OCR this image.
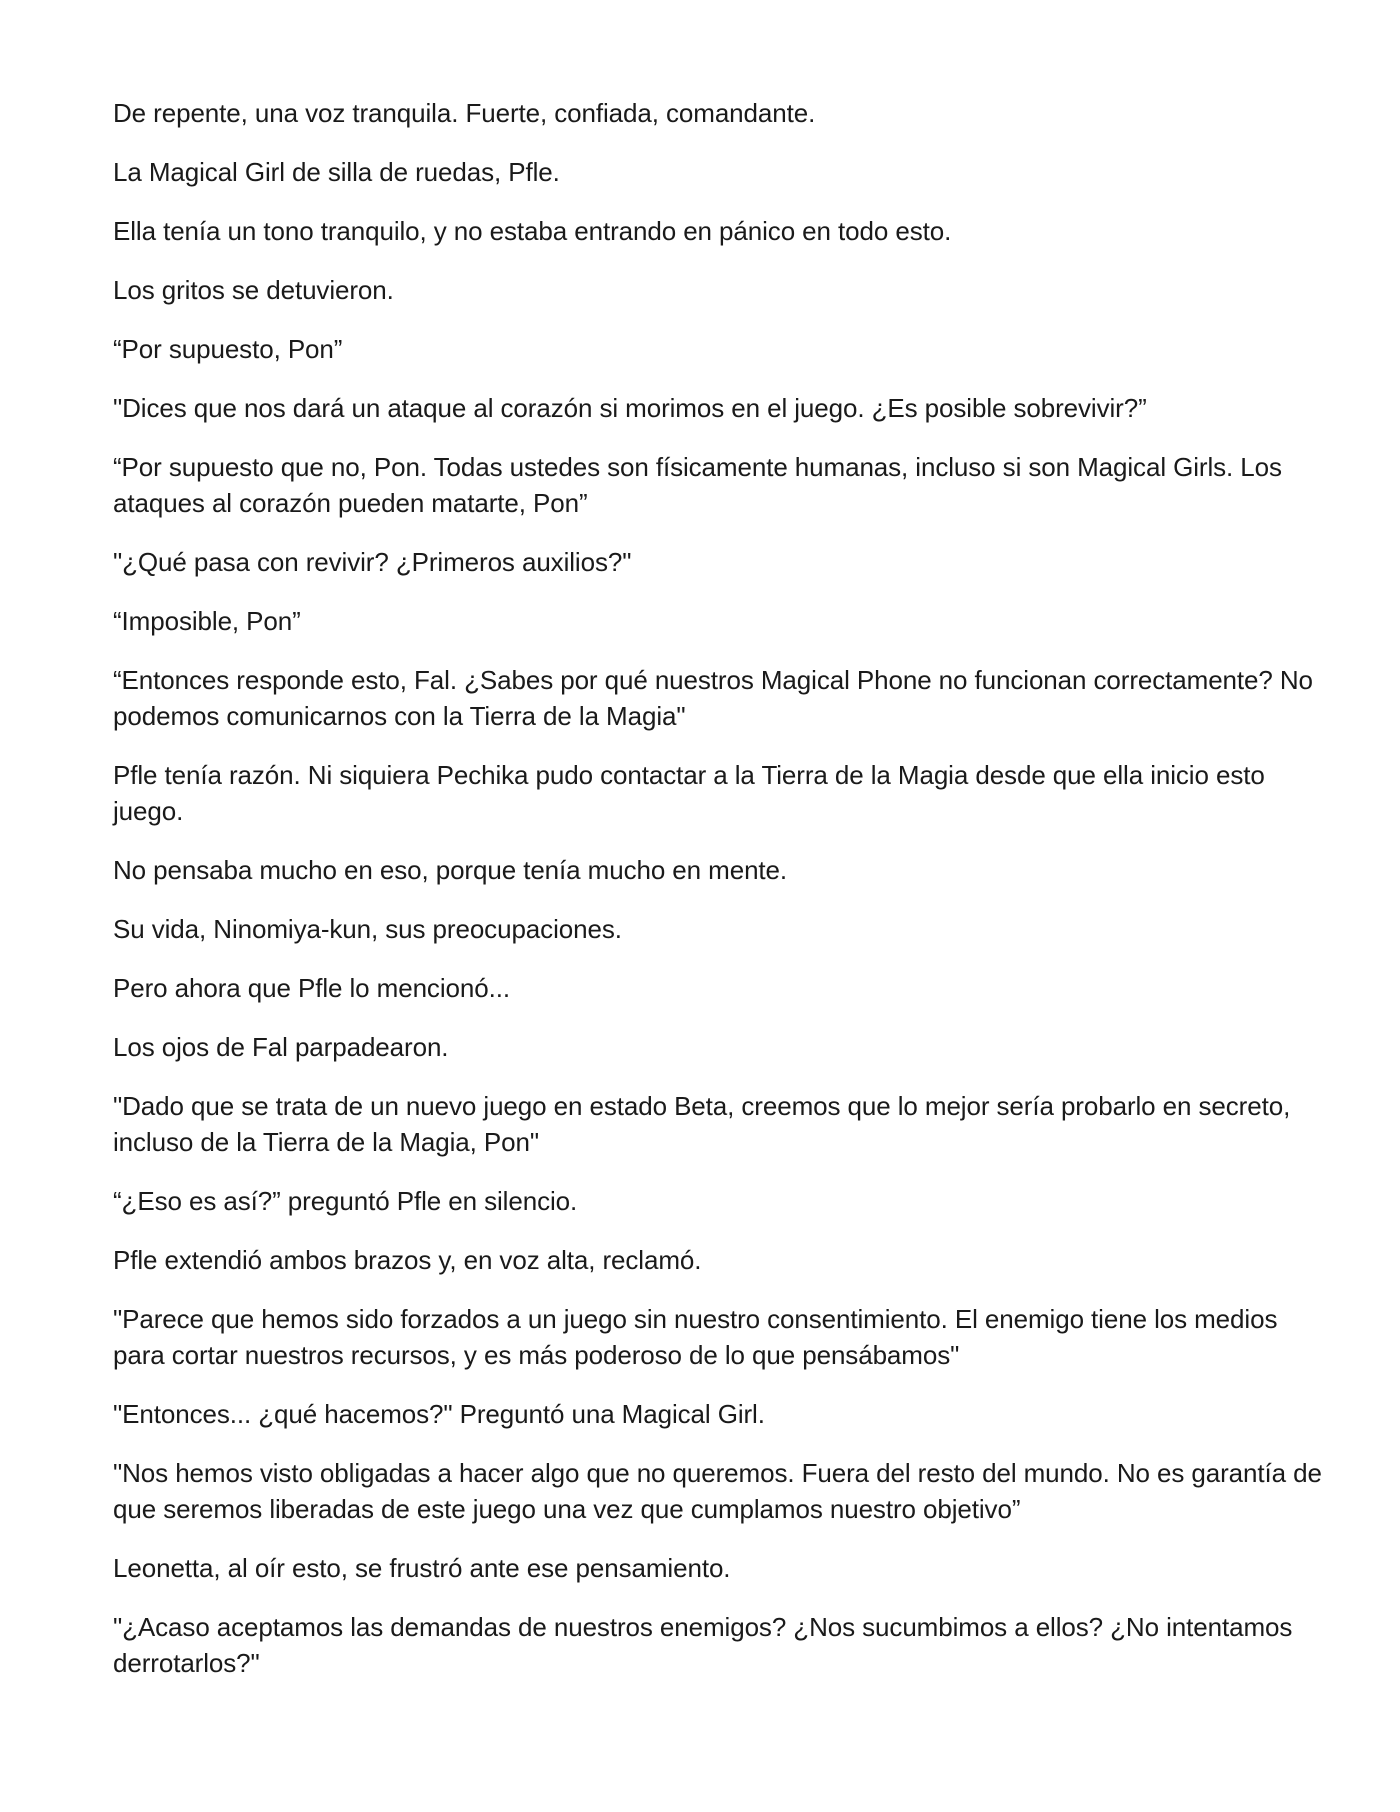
De repente, una voz tranquila. Fuerte, confiada, comandante.

La Magical Girl de silla de ruedas, Pfle.

Ella tenía un tono tranquilo, y no estaba entrando en pánico en todo esto.

Los gritos se detuvieron.

“Por supuesto, Pon”

"Dices que nos dará un ataque al corazón si morimos en el juego. ¿Es posible sobrevivir?”

“Por supuesto que no, Pon. Todas ustedes son físicamente humanas, incluso si son Magical Girls. Los ataques al corazón pueden matarte, Pon”

"¿Qué pasa con revivir? ¿Primeros auxilios?"

“Imposible, Pon”

“Entonces responde esto, Fal. ¿Sabes por qué nuestros Magical Phone no funcionan correctamente? No podemos comunicarnos con la Tierra de la Magia"

Pfle tenía razón. Ni siquiera Pechika pudo contactar a la Tierra de la Magia desde que ella inicio esto juego.

No pensaba mucho en eso, porque tenía mucho en mente.

Su vida, Ninomiya-kun, sus preocupaciones.

Pero ahora que Pfle lo mencionó...

Los ojos de Fal parpadearon.

"Dado que se trata de un nuevo juego en estado Beta, creemos que lo mejor sería probarlo en secreto, incluso de la Tierra de la Magia, Pon"

“¿Eso es así?” preguntó Pfle en silencio.

Pfle extendió ambos brazos y, en voz alta, reclamó.

"Parece que hemos sido forzados a un juego sin nuestro consentimiento. El enemigo tiene los medios para cortar nuestros recursos, y es más poderoso de lo que pensábamos"

"Entonces... ¿qué hacemos?" Preguntó una Magical Girl.

"Nos hemos visto obligadas a hacer algo que no queremos. Fuera del resto del mundo. No es garantía de que seremos liberadas de este juego una vez que cumplamos nuestro objetivo”

Leonetta, al oír esto, se frustró ante ese pensamiento.

"¿Acaso aceptamos las demandas de nuestros enemigos? ¿Nos sucumbimos a ellos? ¿No intentamos derrotarlos?"
